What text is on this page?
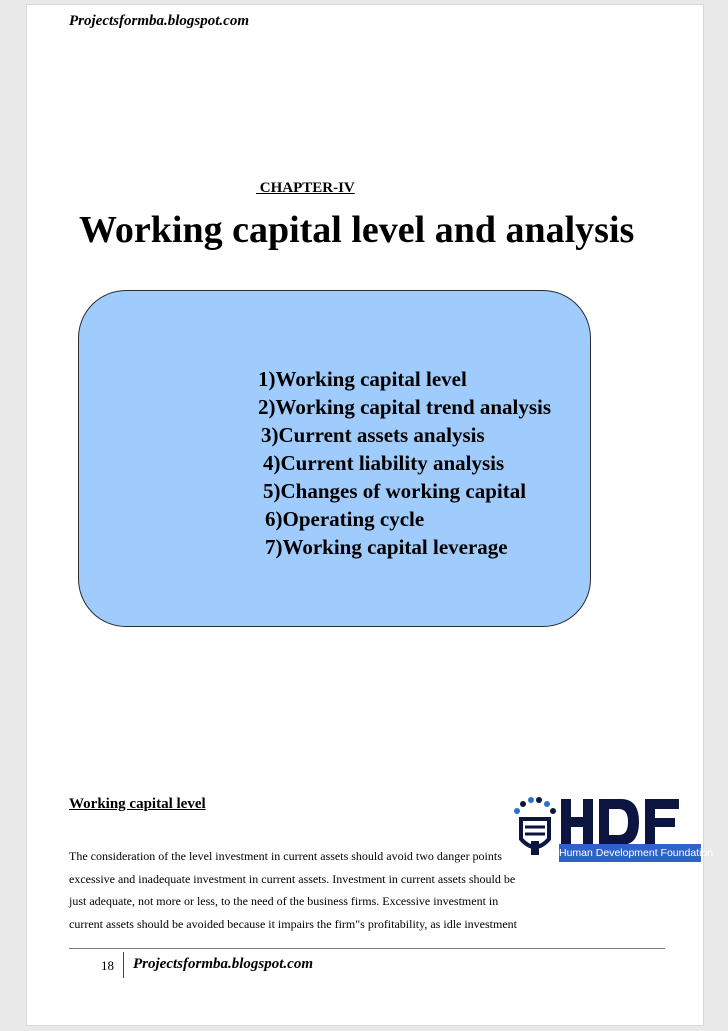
Projectsformba.blogspot.com
CHAPTER-IV
Working capital level and analysis
1)Working capital level
2)Working capital trend analysis
3)Current assets analysis
4)Current liability analysis
5)Changes of working capital
6)Operating cycle
7)Working capital leverage
Working capital level

The consideration of the level investment in current assets should avoid two danger points
excessive and inadequate investment in current assets. Investment in current assets should be
just adequate, not more or less, to the need of the business firms. Excessive investment in
current assets should be avoided because it impairs the firm"s profitability, as idle investment

Human Development Foundation
18 Projectsformba.blogspot.com
